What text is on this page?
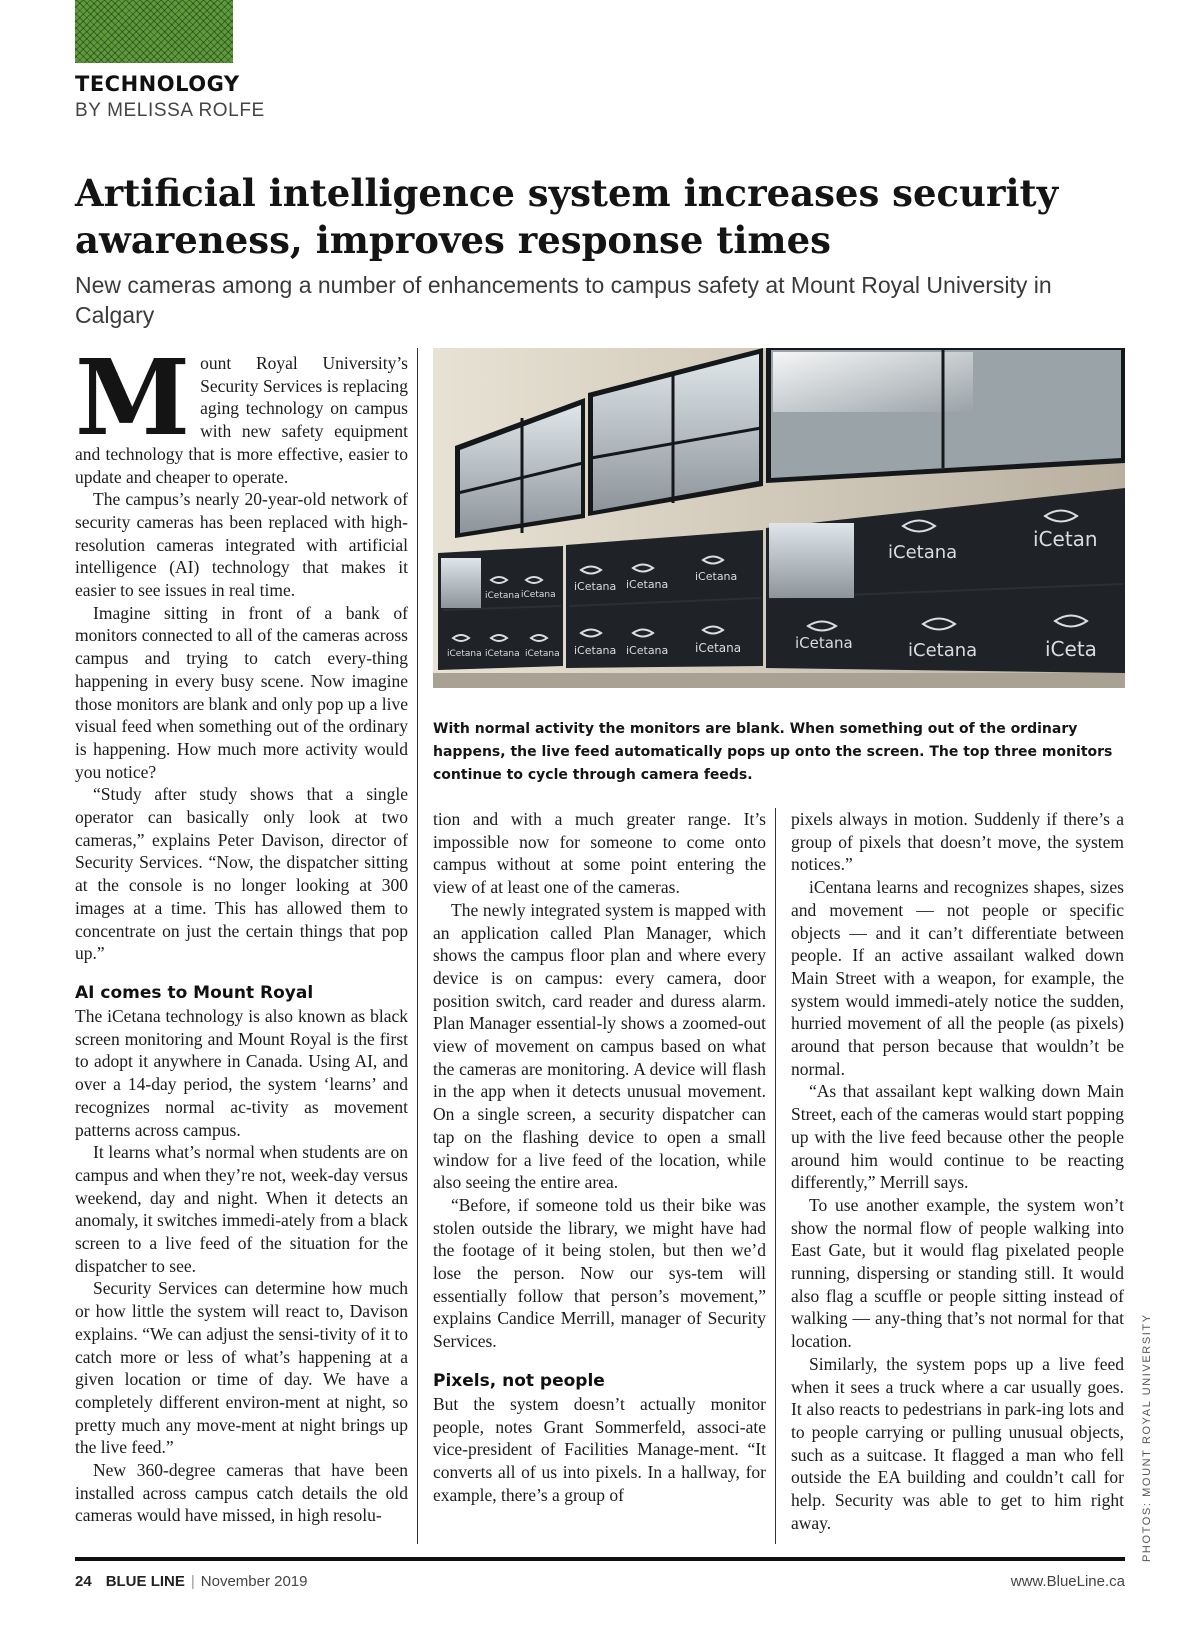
TECHNOLOGY
BY MELISSA ROLFE
Artificial intelligence system increases security awareness, improves response times
New cameras among a number of enhancements to campus safety at Mount Royal University in Calgary
M ount Royal University’s Security Services is replacing aging technology on campus with new safety equipment and technology that is more effective, easier to update and cheaper to operate.

The campus’s nearly 20-year-old network of security cameras has been replaced with high-resolution cameras integrated with artificial intelligence (AI) technology that makes it easier to see issues in real time.

Imagine sitting in front of a bank of monitors connected to all of the cameras across campus and trying to catch every-thing happening in every busy scene. Now imagine those monitors are blank and only pop up a live visual feed when something out of the ordinary is happening. How much more activity would you notice?

“Study after study shows that a single operator can basically only look at two cameras,” explains Peter Davison, director of Security Services. “Now, the dispatcher sitting at the console is no longer looking at 300 images at a time. This has allowed them to concentrate on just the certain things that pop up.”

AI comes to Mount Royal

The iCetana technology is also known as black screen monitoring and Mount Royal is the first to adopt it anywhere in Canada. Using AI, and over a 14-day period, the system ‘learns’ and recognizes normal ac-tivity as movement patterns across campus.

It learns what’s normal when students are on campus and when they’re not, week-day versus weekend, day and night. When it detects an anomaly, it switches immedi-ately from a black screen to a live feed of the situation for the dispatcher to see.

Security Services can determine how much or how little the system will react to, Davison explains. “We can adjust the sensi-tivity of it to catch more or less of what’s happening at a given location or time of day. We have a completely different environ-ment at night, so pretty much any move-ment at night brings up the live feed.”

New 360-degree cameras that have been installed across campus catch details the old cameras would have missed, in high resolu-

iCetana iCetana
iCetana iCetana iCetana
iCetana iCetana
iCetana
iCetana iCetana iCetana
iCetana
iCetan
iCetana	iCetana	iCeta
With normal activity the monitors are blank. When something out of the ordinary happens, the live feed automatically pops up onto the screen. The top three monitors continue to cycle through camera feeds.

tion and with a much greater range. It’s impossible now for someone to come onto campus without at some point entering the view of at least one of the cameras.

The newly integrated system is mapped with an application called Plan Manager, which shows the campus floor plan and where every device is on campus: every camera, door position switch, card reader and duress alarm. Plan Manager essential-ly shows a zoomed-out view of movement on campus based on what the cameras are monitoring. A device will flash in the app when it detects unusual movement. On a single screen, a security dispatcher can tap on the flashing device to open a small window for a live feed of the location, while also seeing the entire area.

“Before, if someone told us their bike was stolen outside the library, we might have had the footage of it being stolen, but then we’d lose the person. Now our sys-tem will essentially follow that person’s movement,” explains Candice Merrill, manager of Security Services.

Pixels, not people

But the system doesn’t actually monitor people, notes Grant Sommerfeld, associ-ate vice-president of Facilities Manage-ment. “It converts all of us into pixels. In a hallway, for example, there’s a group of

pixels always in motion. Suddenly if there’s a group of pixels that doesn’t move, the system notices.”

iCentana learns and recognizes shapes, sizes and movement — not people or specific objects — and it can’t differentiate between people. If an active assailant walked down Main Street with a weapon, for example, the system would immedi-ately notice the sudden, hurried movement of all the people (as pixels) around that person because that wouldn’t be normal.

“As that assailant kept walking down Main Street, each of the cameras would start popping up with the live feed because other the people around him would continue to be reacting differently,” Merrill says.

To use another example, the system won’t show the normal flow of people walking into East Gate, but it would flag pixelated people running, dispersing or standing still. It would also flag a scuffle or people sitting instead of walking — any-thing that’s not normal for that location.

Similarly, the system pops up a live feed when it sees a truck where a car usually goes. It also reacts to pedestrians in park-ing lots and to people carrying or pulling unusual objects, such as a suitcase. It flagged a man who fell outside the EA building and couldn’t call for help. Security was able to get to him right away.	PHOTOS: MOUNT ROYAL UNIVERSITY
24 BLUE LINE | November 2019	www.BlueLine.ca
